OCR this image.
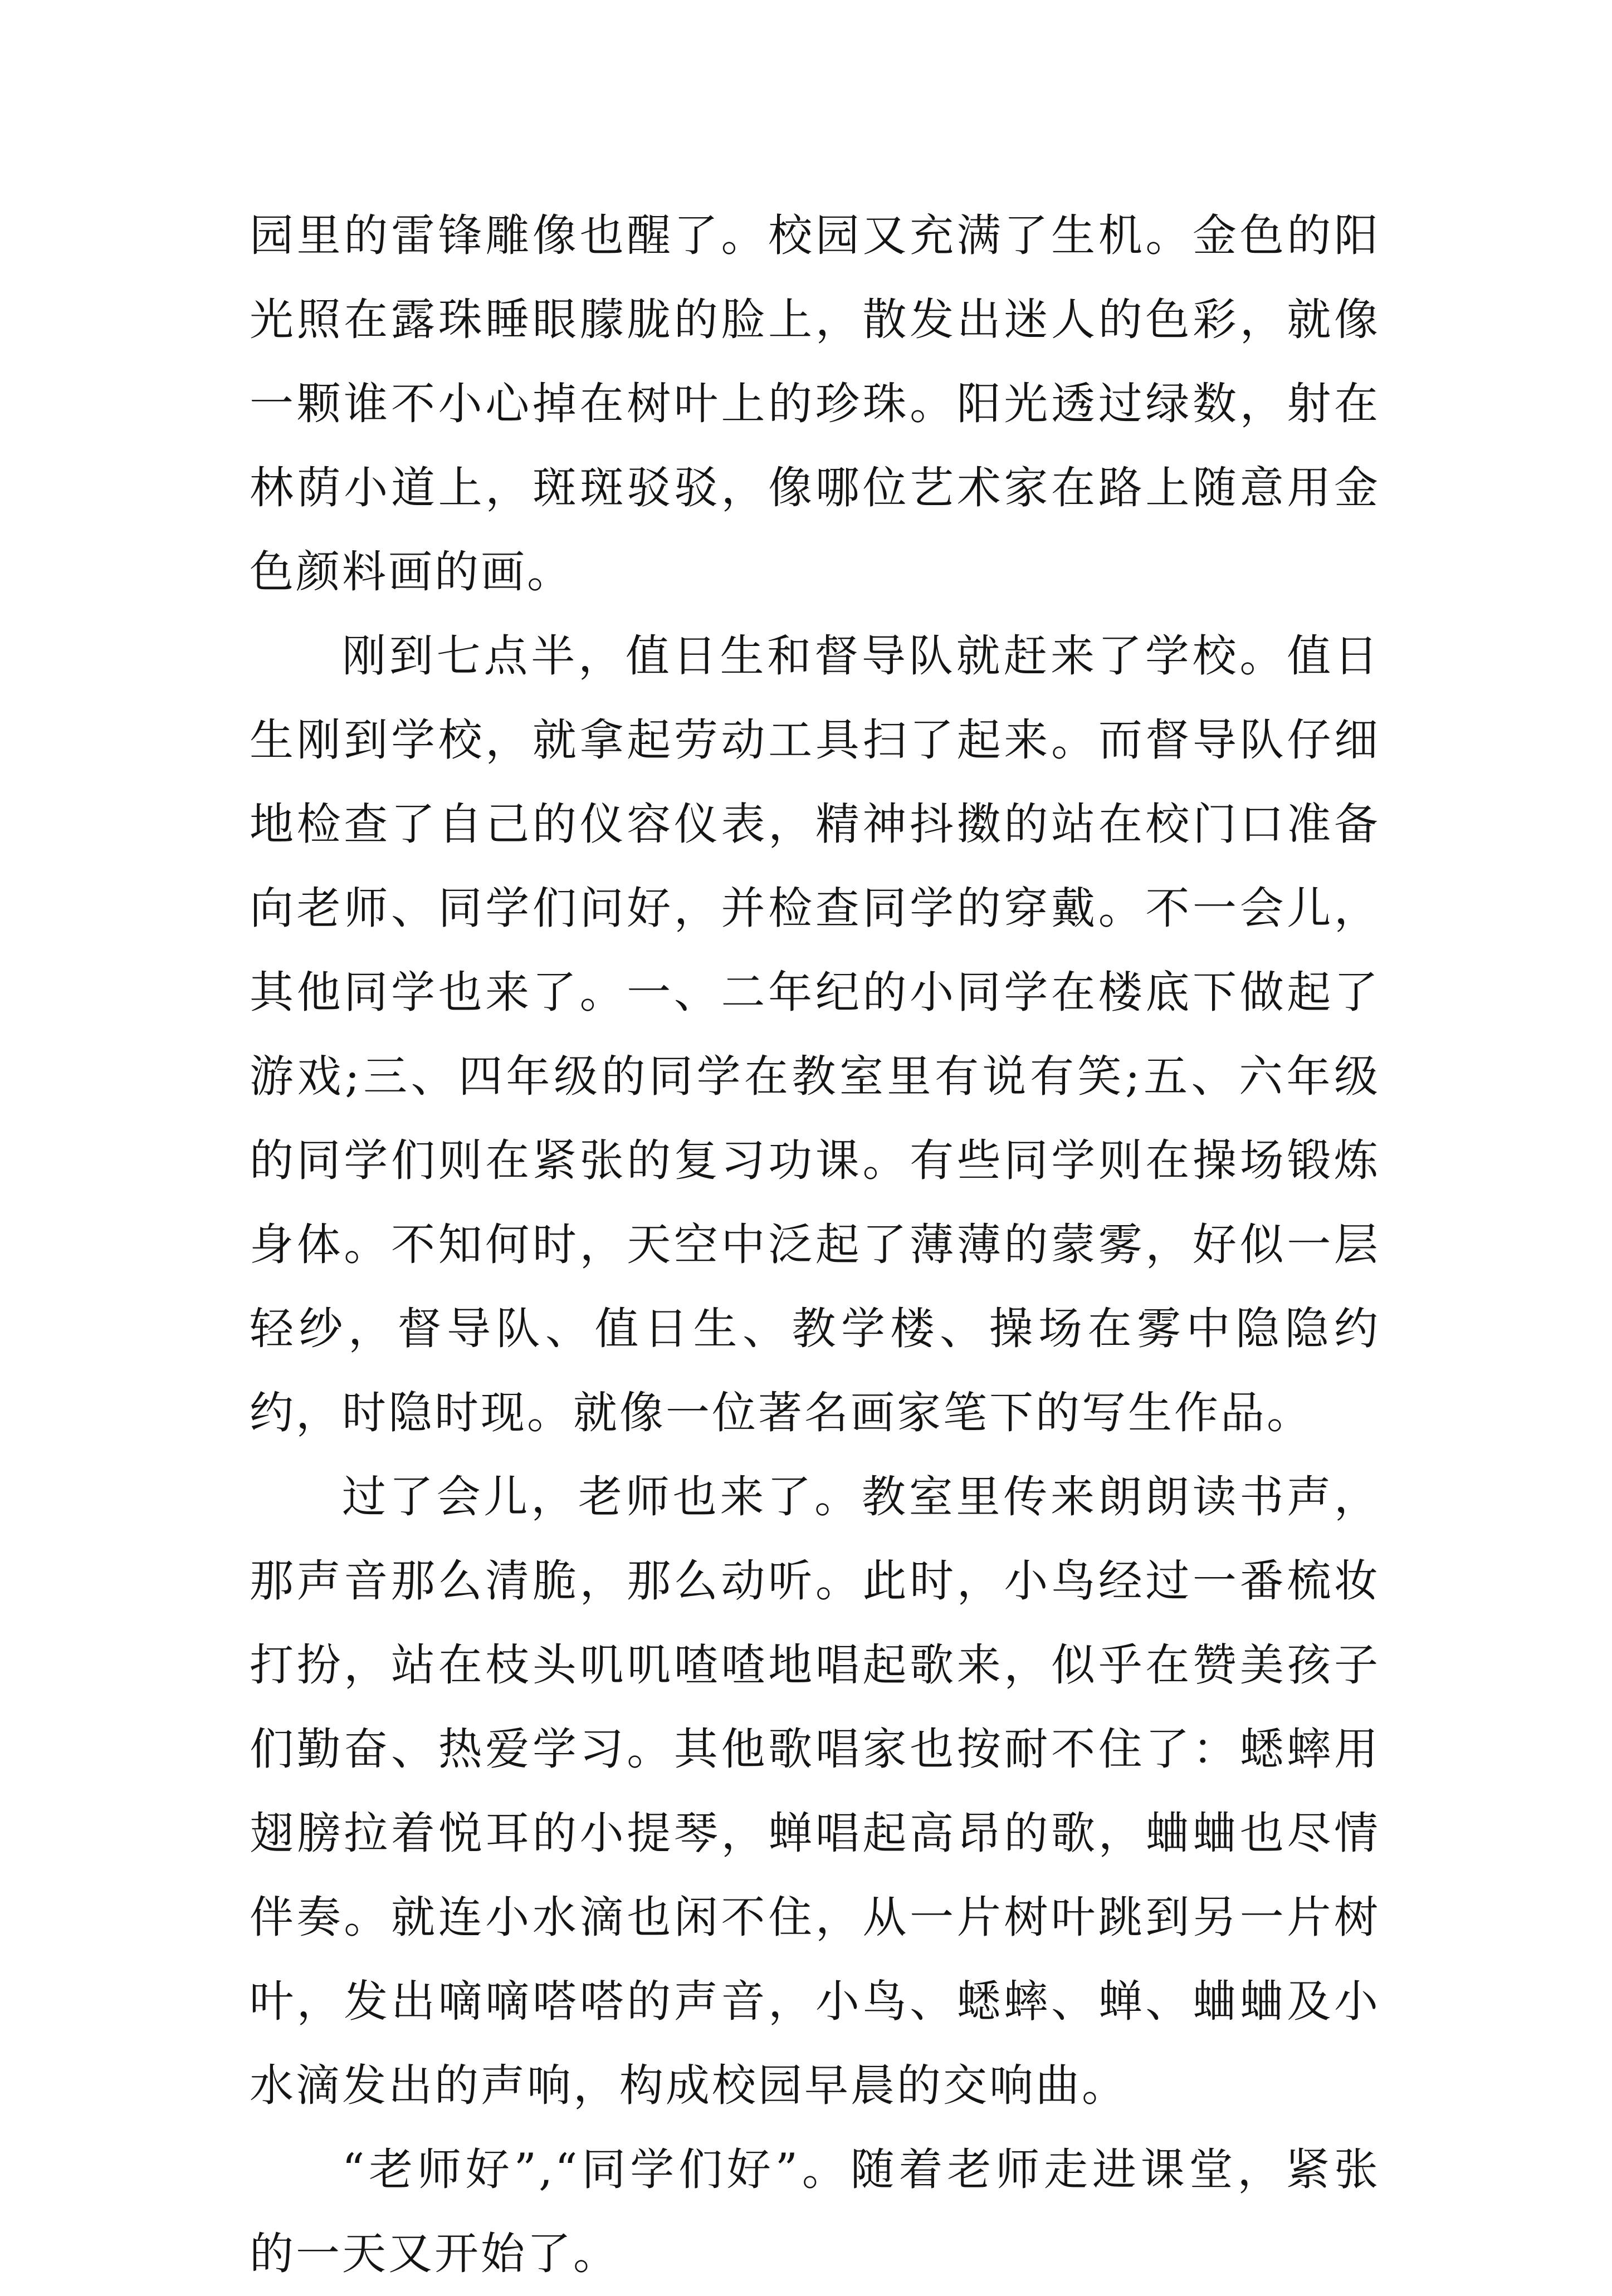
园里的雷锋雕像也醒了。校园又充满了生机。金色的阳光照在露珠睡眼朦胧的脸上，散发出迷人的色彩，就像一颗谁不小心掉在树叶上的珍珠。阳光透过绿数，射在林荫小道上，斑斑驳驳，像哪位艺术家在路上随意用金色颜料画的画。

刚到七点半，值日生和督导队就赶来了学校。值日生刚到学校，就拿起劳动工具扫了起来。而督导队仔细地检查了自己的仪容仪表，精神抖擞的站在校门口准备向老师、同学们问好，并检查同学的穿戴。不一会儿，其他同学也来了。一、二年纪的小同学在楼底下做起了游戏;三、四年级的同学在教室里有说有笑;五、六年级的同学们则在紧张的复习功课。有些同学则在操场锻炼身体。不知何时，天空中泛起了薄薄的蒙雾，好似一层轻纱，督导队、值日生、教学楼、操场在雾中隐隐约约，时隐时现。就像一位著名画家笔下的写生作品。

过了会儿，老师也来了。教室里传来朗朗读书声，那声音那么清脆，那么动听。此时，小鸟经过一番梳妆打扮，站在枝头叽叽喳喳地唱起歌来，似乎在赞美孩子们勤奋、热爱学习。其他歌唱家也按耐不住了：蟋蟀用翅膀拉着悦耳的小提琴，蝉唱起高昂的歌，蛐蛐也尽情伴奏。就连小水滴也闲不住，从一片树叶跳到另一片树叶，发出嘀嘀嗒嗒的声音，小鸟、蟋蟀、蝉、蛐蛐及小水滴发出的声响，构成校园早晨的交响曲。

“老师好”,“同学们好”。随着老师走进课堂，紧张的一天又开始了。
